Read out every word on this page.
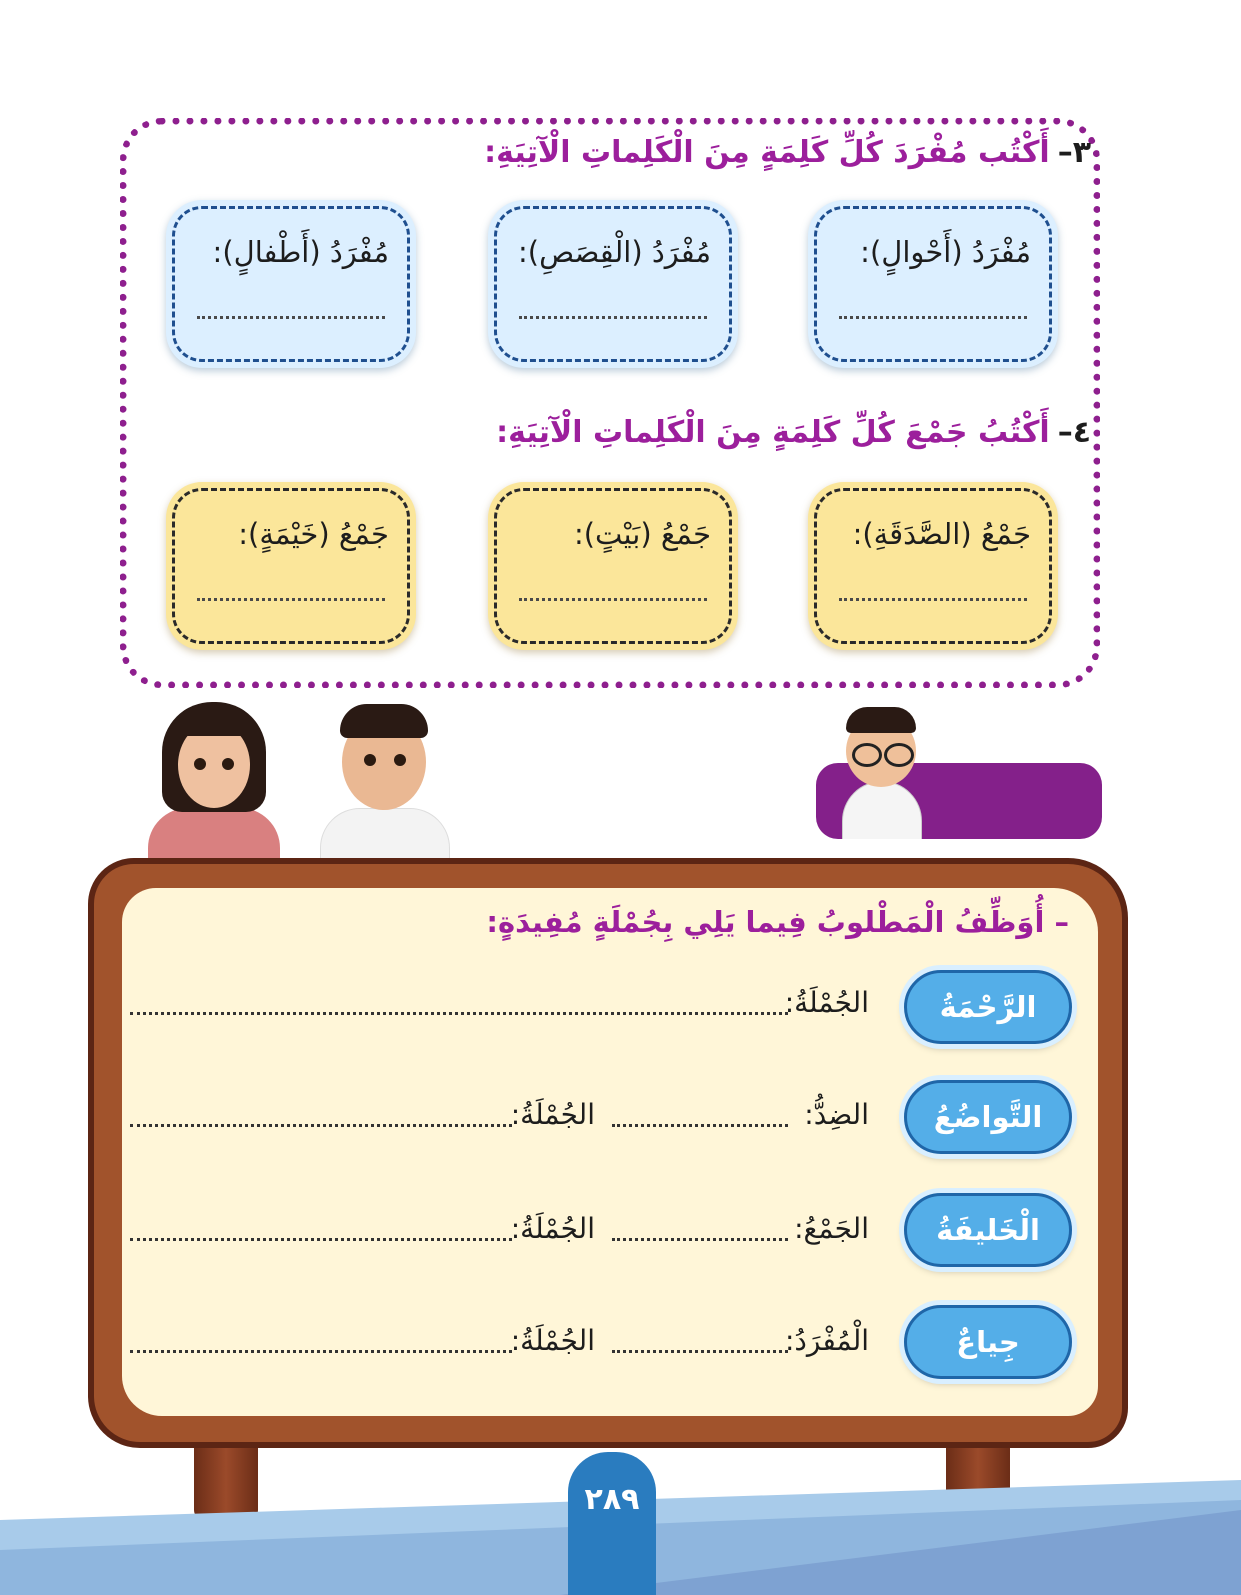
٣–أَكْتُب مُفْرَدَ كُلِّ كَلِمَةٍ مِنَ الْكَلِماتِ الْآتِيَةِ:
مُفْرَدُ (أَحْوالٍ):
مُفْرَدُ (الْقِصَصِ):
مُفْرَدُ (أَطْفالٍ):
٤–أَكْتُبُ جَمْعَ كُلِّ كَلِمَةٍ مِنَ الْكَلِماتِ الْآتِيَةِ:
جَمْعُ (الصَّدَقَةِ):
جَمْعُ (بَيْتٍ):
جَمْعُ (خَيْمَةٍ):
التَّقْويمُ:
– أُوَظِّفُ الْمَطْلوبُ فِيما يَلِي بِجُمْلَةٍ مُفِيدَةٍ:
الرَّحْمَةُ
الجُمْلَةُ:
التَّواضُعُ
الضِدُّ:
الجُمْلَةُ:
الْخَليفَةُ
الجَمْعُ:
الجُمْلَةُ:
جِياعٌ
الْمُفْرَدُ:
الجُمْلَةُ:
٢٨٩
